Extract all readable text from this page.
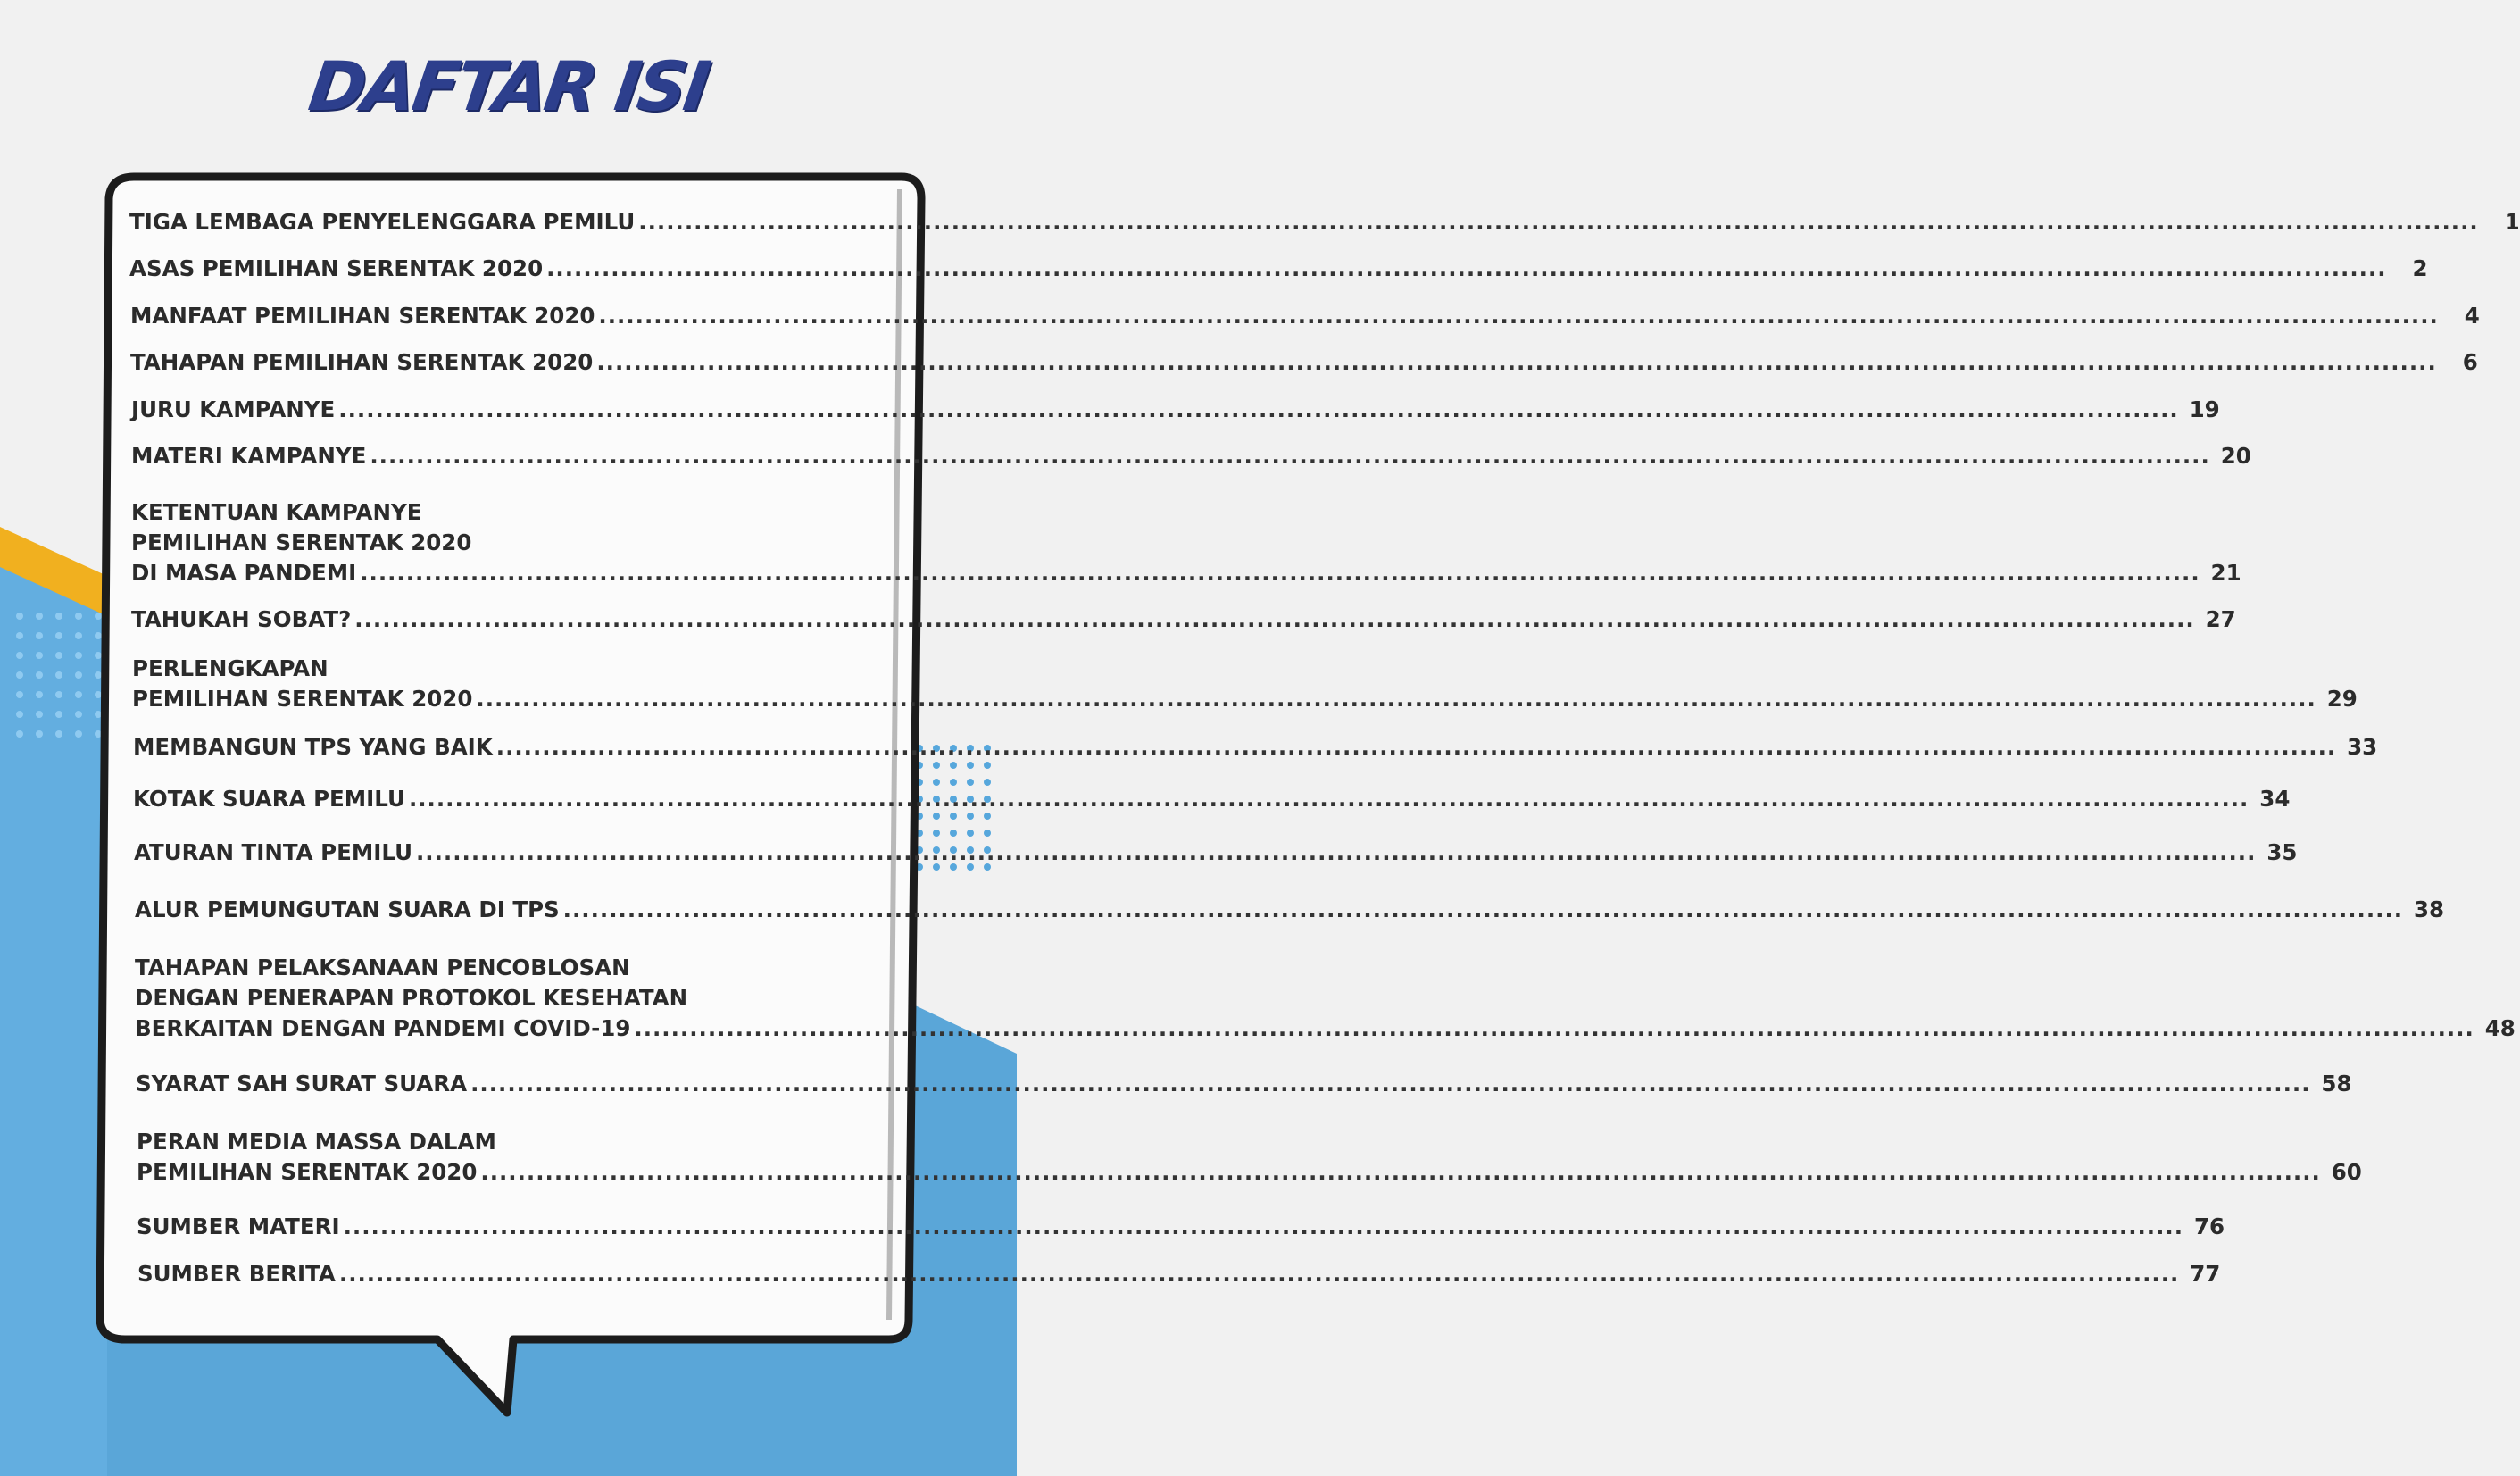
DAFTAR ISI
TIGA LEMBAGA PENYELENGGARA PEMILU ........................................................................................................................................................................................................	1
ASAS PEMILIHAN SERENTAK 2020 ........................................................................................................................................................................................................	2
MANFAAT PEMILIHAN SERENTAK 2020 ........................................................................................................................................................................................................	4
TAHAPAN PEMILIHAN SERENTAK 2020 ........................................................................................................................................................................................................	6
JURU KAMPANYE ........................................................................................................................................................................................................ 19
MATERI KAMPANYE ........................................................................................................................................................................................................ 20
KETENTUAN KAMPANYE
PEMILIHAN SERENTAK 2020
DI MASA PANDEMI ........................................................................................................................................................................................................ 21
TAHUKAH SOBAT? ........................................................................................................................................................................................................ 27
PERLENGKAPAN
PEMILIHAN SERENTAK 2020 ........................................................................................................................................................................................................ 29
MEMBANGUN TPS YANG BAIK ........................................................................................................................................................................................................ 33
KOTAK SUARA PEMILU ........................................................................................................................................................................................................ 34
ATURAN TINTA PEMILU ........................................................................................................................................................................................................ 35
ALUR PEMUNGUTAN SUARA DI TPS ........................................................................................................................................................................................................ 38
TAHAPAN PELAKSANAAN PENCOBLOSAN
DENGAN PENERAPAN PROTOKOL KESEHATAN
BERKAITAN DENGAN PANDEMI COVID-19 ........................................................................................................................................................................................................ 48
SYARAT SAH SURAT SUARA ........................................................................................................................................................................................................ 58
PERAN MEDIA MASSA DALAM
PEMILIHAN SERENTAK 2020 ........................................................................................................................................................................................................ 60
SUMBER MATERI ........................................................................................................................................................................................................ 76
SUMBER BERITA ........................................................................................................................................................................................................ 77
